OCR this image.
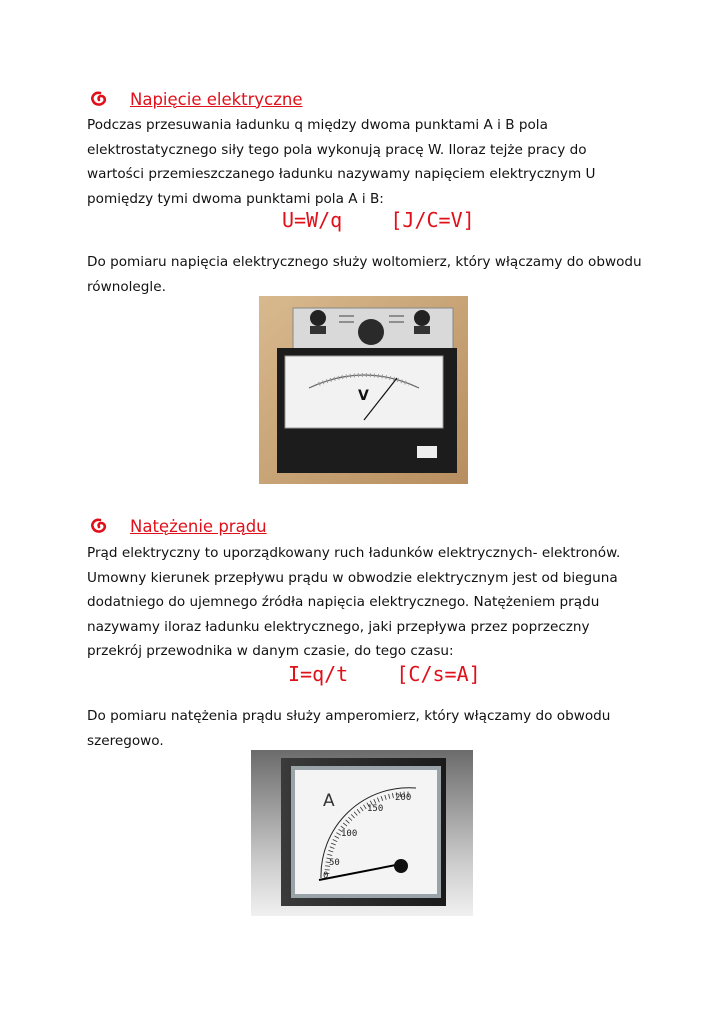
Napięcie elektryczne

Podczas przesuwania ładunku q między dwoma punktami A i B pola

elektrostatycznego siły tego pola wykonują pracę W. Iloraz tejże pracy do

wartości przemieszczanego ładunku nazywamy napięciem elektrycznym U

pomiędzy tymi dwoma punktami pola A i B:

U=W/q    [J/C=V]

Do pomiaru napięcia elektrycznego służy woltomierz, który włączamy do obwodu

równolegle.

V
Natężenie prądu

Prąd elektryczny to uporządkowany ruch ładunków elektrycznych- elektronów.

Umowny kierunek przepływu prądu w obwodzie elektrycznym jest od bieguna

dodatniego do ujemnego źródła napięcia elektrycznego. Natężeniem prądu

nazywamy iloraz ładunku elektrycznego, jaki przepływa przez poprzeczny

przekrój przewodnika w danym czasie, do tego czasu:

I=q/t    [C/s=A]

Do pomiaru natężenia prądu służy amperomierz, który włączamy do obwodu

szeregowo.

A
0
50
100
150
200
